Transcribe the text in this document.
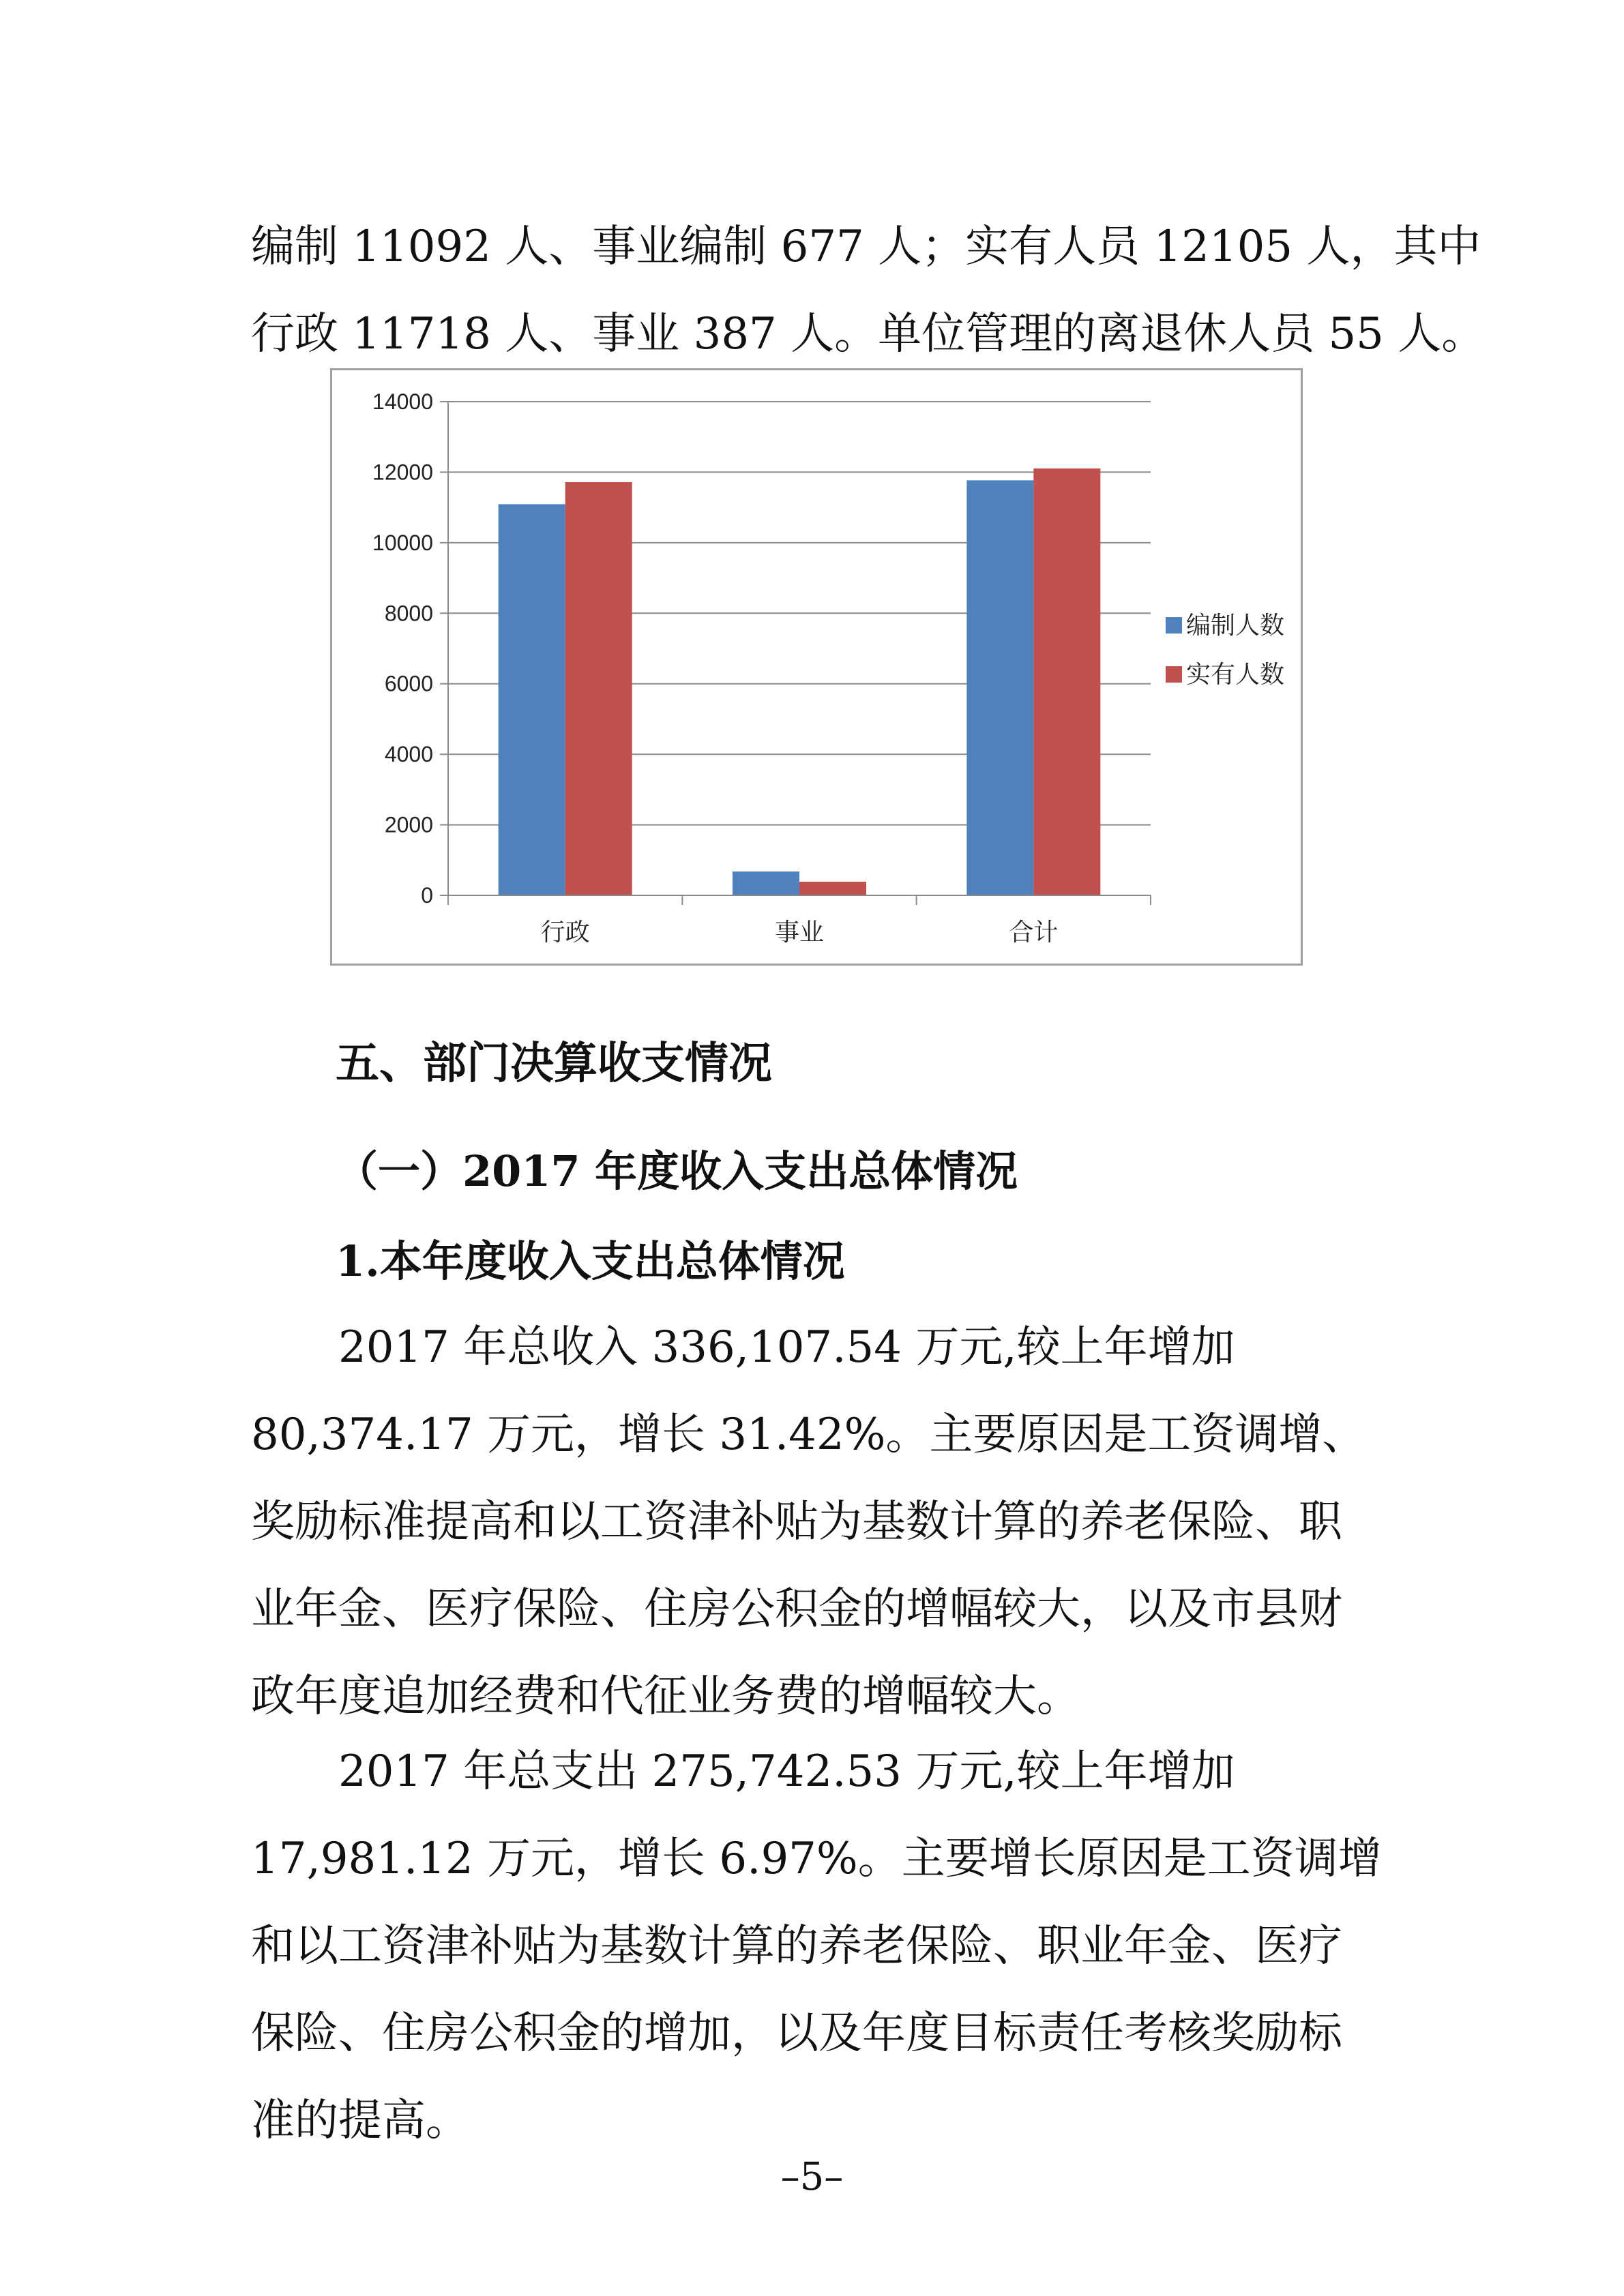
编制 11092 人、事业编制 677 人；实有人员 12105 人，其中

行政 11718 人、事业 387 人。单位管理的离退休人员 55 人。

0
2000
4000
6000
8000
10000
12000
14000
行政	事业	合计
编制人数
实有人数

五、部门决算收支情况

（一）2017 年度收入支出总体情况

1.本年度收入支出总体情况

2017 年总收入 336,107.54 万元,较上年增加 80,374.17 万元，增长 31.42%。主要原因是工资调增、奖励标准提高和以工资津补贴为基数计算的养老保险、职业年金、医疗保险、住房公积金的增幅较大，以及市县财政年度追加经费和代征业务费的增幅较大。

2017 年总支出 275,742.53 万元,较上年增加 17,981.12 万元，增长 6.97%。主要增长原因是工资调增和以工资津补贴为基数计算的养老保险、职业年金、医疗保险、住房公积金的增加，以及年度目标责任考核奖励标准的提高。

–5–
